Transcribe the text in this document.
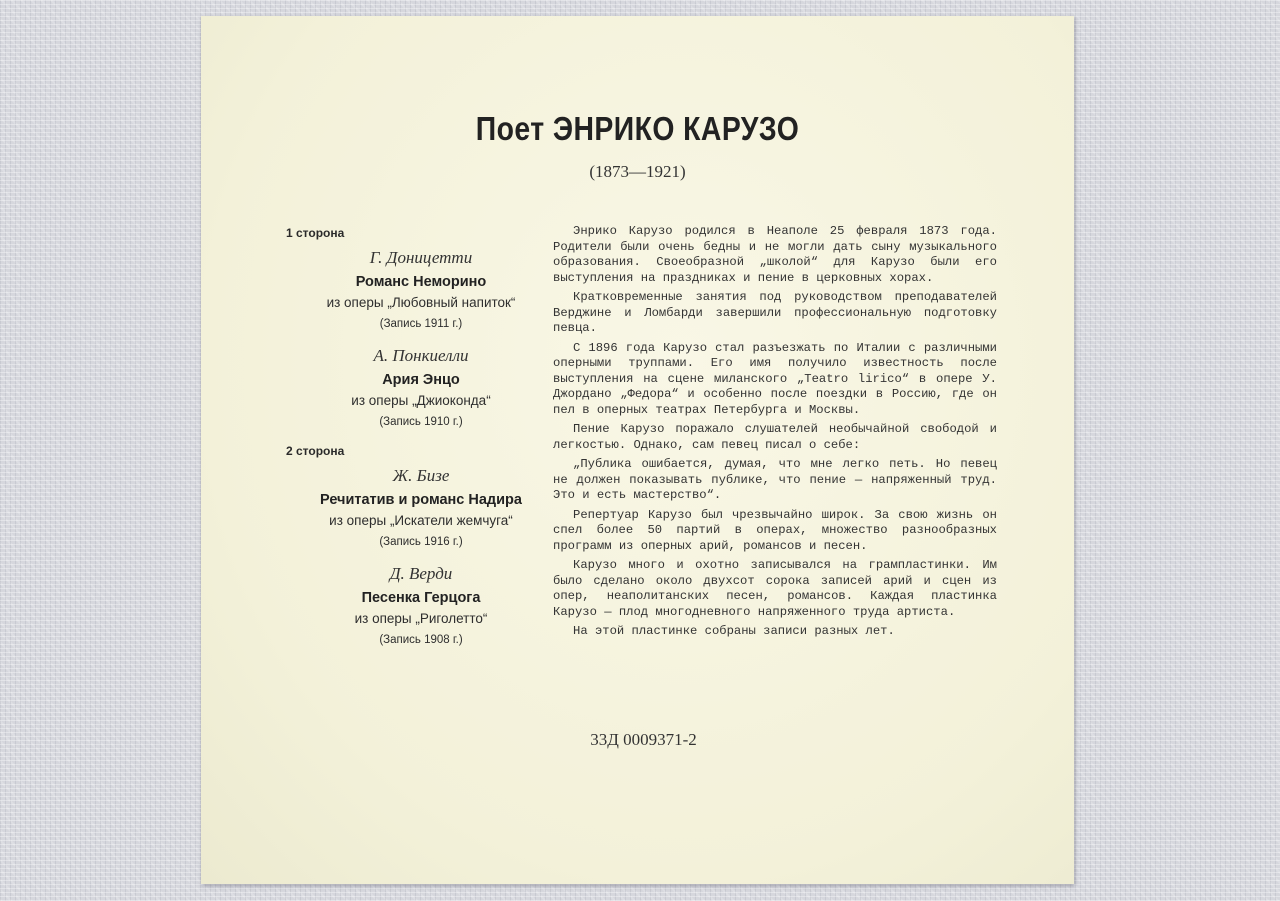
Поет ЭНРИКО КАРУЗО
(1873—1921)
1 сторона
Г. Доницетти
Романс Неморино
из оперы „Любовный напиток“
(Запись 1911 г.)
А. Понкиелли
Ария Энцо
из оперы „Джиоконда“
(Запись 1910 г.)
2 сторона
Ж. Бизе
Речитатив и романс Надира
из оперы „Искатели жемчуга“
(Запись 1916 г.)
Д. Верди
Песенка Герцога
из оперы „Риголетто“
(Запись 1908 г.)

Энрико Карузо родился в Неаполе 25 февраля 1873 года. Родители были очень бедны и не могли дать сыну музыкального образования. Своеобразной „школой“ для Карузо были его выступления на праздниках и пение в церковных хорах.

Кратковременные занятия под руководством преподавателей Верджине и Ломбарди завершили профессиональную подготовку певца.

С 1896 года Карузо стал разъезжать по Италии с различными оперными труппами. Его имя получило известность после выступления на сцене миланского „Teatro lirico“ в опере У. Джордано „Федора“ и особенно после поездки в Россию, где он пел в оперных театрах Петербурга и Москвы.

Пение Карузо поражало слушателей необычайной свободой и легкостью. Однако, сам певец писал о себе:

„Публика ошибается, думая, что мне легко петь. Но певец не должен показывать публике, что пение — напряженный труд. Это и есть мастерство“.

Репертуар Карузо был чрезвычайно широк. За свою жизнь он спел более 50 партий в операх, множество разнообразных программ из оперных арий, романсов и песен.

Карузо много и охотно записывался на грампластинки. Им было сделано около двухсот сорока записей арий и сцен из опер, неаполитанских песен, романсов. Каждая пластинка Карузо — плод многодневного напряженного труда артиста.

На этой пластинке собраны записи разных лет.

33Д 0009371-2
